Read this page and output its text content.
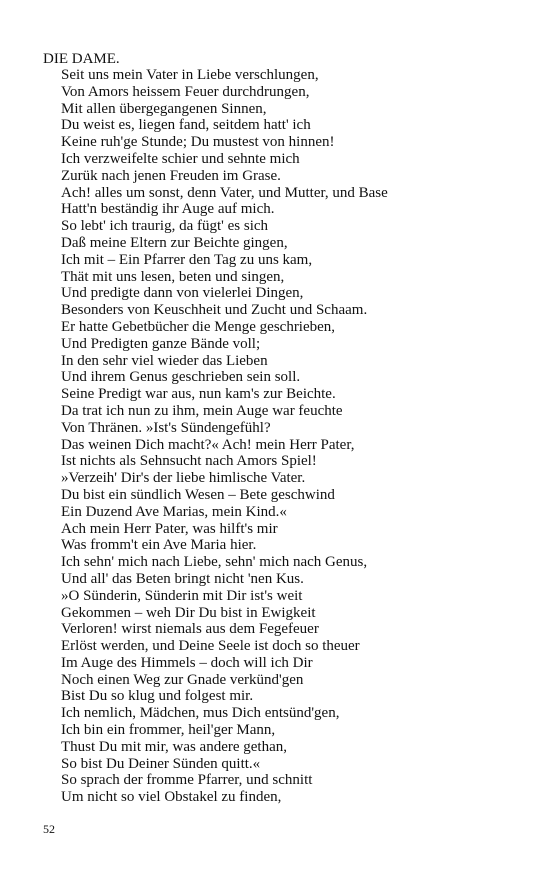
DIE DAME.
Seit uns mein Vater in Liebe verschlungen,
Von Amors heissem Feuer durchdrungen,
Mit allen übergegangenen Sinnen,
Du weist es, liegen fand, seitdem hatt' ich
Keine ruh'ge Stunde; Du mustest von hinnen!
Ich verzweifelte schier und sehnte mich
Zurük nach jenen Freuden im Grase.
Ach! alles um sonst, denn Vater, und Mutter, und Base
Hatt'n beständig ihr Auge auf mich.
So lebt' ich traurig, da fügt' es sich
Daß meine Eltern zur Beichte gingen,
Ich mit – Ein Pfarrer den Tag zu uns kam,
Thät mit uns lesen, beten und singen,
Und predigte dann von vielerlei Dingen,
Besonders von Keuschheit und Zucht und Schaam.
Er hatte Gebetbücher die Menge geschrieben,
Und Predigten ganze Bände voll;
In den sehr viel wieder das Lieben
Und ihrem Genus geschrieben sein soll.
Seine Predigt war aus, nun kam's zur Beichte.
Da trat ich nun zu ihm, mein Auge war feuchte
Von Thränen. »Ist's Sündengefühl?
Das weinen Dich macht?« Ach! mein Herr Pater,
Ist nichts als Sehnsucht nach Amors Spiel!
»Verzeih' Dir's der liebe himlische Vater.
Du bist ein sündlich Wesen – Bete geschwind
Ein Duzend Ave Marias, mein Kind.«
Ach mein Herr Pater, was hilft's mir
Was fromm't ein Ave Maria hier.
Ich sehn' mich nach Liebe, sehn' mich nach Genus,
Und all' das Beten bringt nicht 'nen Kus.
»O Sünderin, Sünderin mit Dir ist's weit
Gekommen – weh Dir Du bist in Ewigkeit
Verloren! wirst niemals aus dem Fegefeuer
Erlöst werden, und Deine Seele ist doch so theuer
Im Auge des Himmels – doch will ich Dir
Noch einen Weg zur Gnade verkünd'gen
Bist Du so klug und folgest mir.
Ich nemlich, Mädchen, mus Dich entsünd'gen,
Ich bin ein frommer, heil'ger Mann,
Thust Du mit mir, was andere gethan,
So bist Du Deiner Sünden quitt.«
So sprach der fromme Pfarrer, und schnitt
Um nicht so viel Obstakel zu finden,
52
